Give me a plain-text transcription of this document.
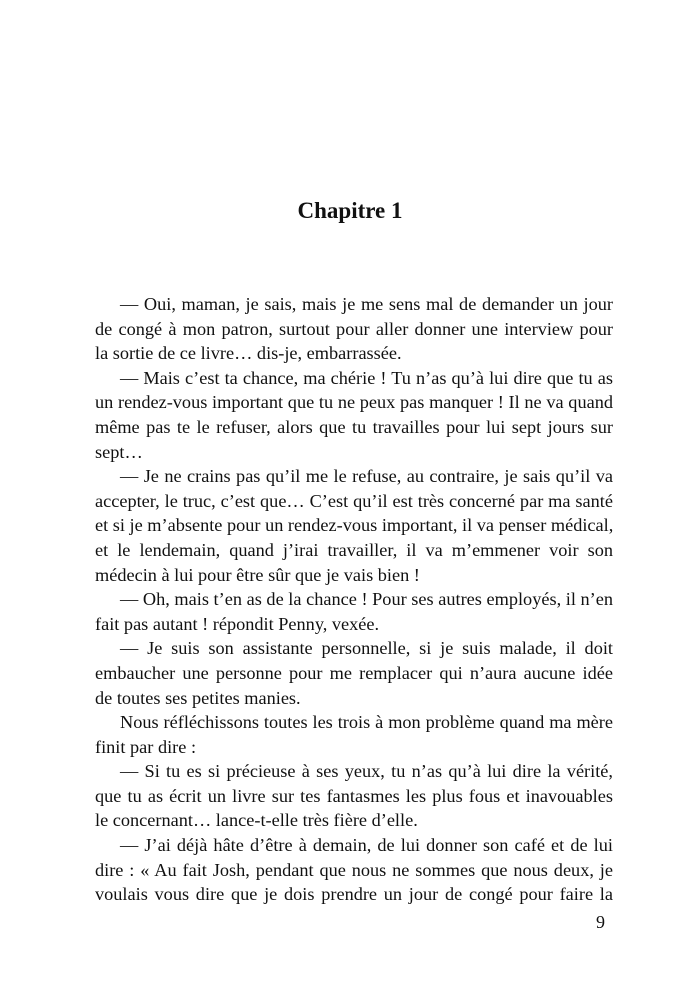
Chapitre 1
— Oui, maman, je sais, mais je me sens mal de demander un jour
de congé à mon patron, surtout pour aller donner une interview pour
la sortie de ce livre… dis-je, embarrassée.
— Mais c’est ta chance, ma chérie ! Tu n’as qu’à lui dire que tu as
un rendez-vous important que tu ne peux pas manquer ! Il ne va quand
même pas te le refuser, alors que tu travailles pour lui sept jours sur
sept…
— Je ne crains pas qu’il me le refuse, au contraire, je sais qu’il va
accepter, le truc, c’est que… C’est qu’il est très concerné par ma santé
et si je m’absente pour un rendez-vous important, il va penser médical,
et le lendemain, quand j’irai travailler, il va m’emmener voir son
médecin à lui pour être sûr que je vais bien !
— Oh, mais t’en as de la chance ! Pour ses autres employés, il n’en
fait pas autant ! répondit Penny, vexée.
— Je suis son assistante personnelle, si je suis malade, il doit
embaucher une personne pour me remplacer qui n’aura aucune idée
de toutes ses petites manies.
Nous réfléchissons toutes les trois à mon problème quand ma mère
finit par dire :
— Si tu es si précieuse à ses yeux, tu n’as qu’à lui dire la vérité,
que tu as écrit un livre sur tes fantasmes les plus fous et inavouables
le concernant… lance-t-elle très fière d’elle.
— J’ai déjà hâte d’être à demain, de lui donner son café et de lui
dire : « Au fait Josh, pendant que nous ne sommes que nous deux, je
voulais vous dire que je dois prendre un jour de congé pour faire la
9
